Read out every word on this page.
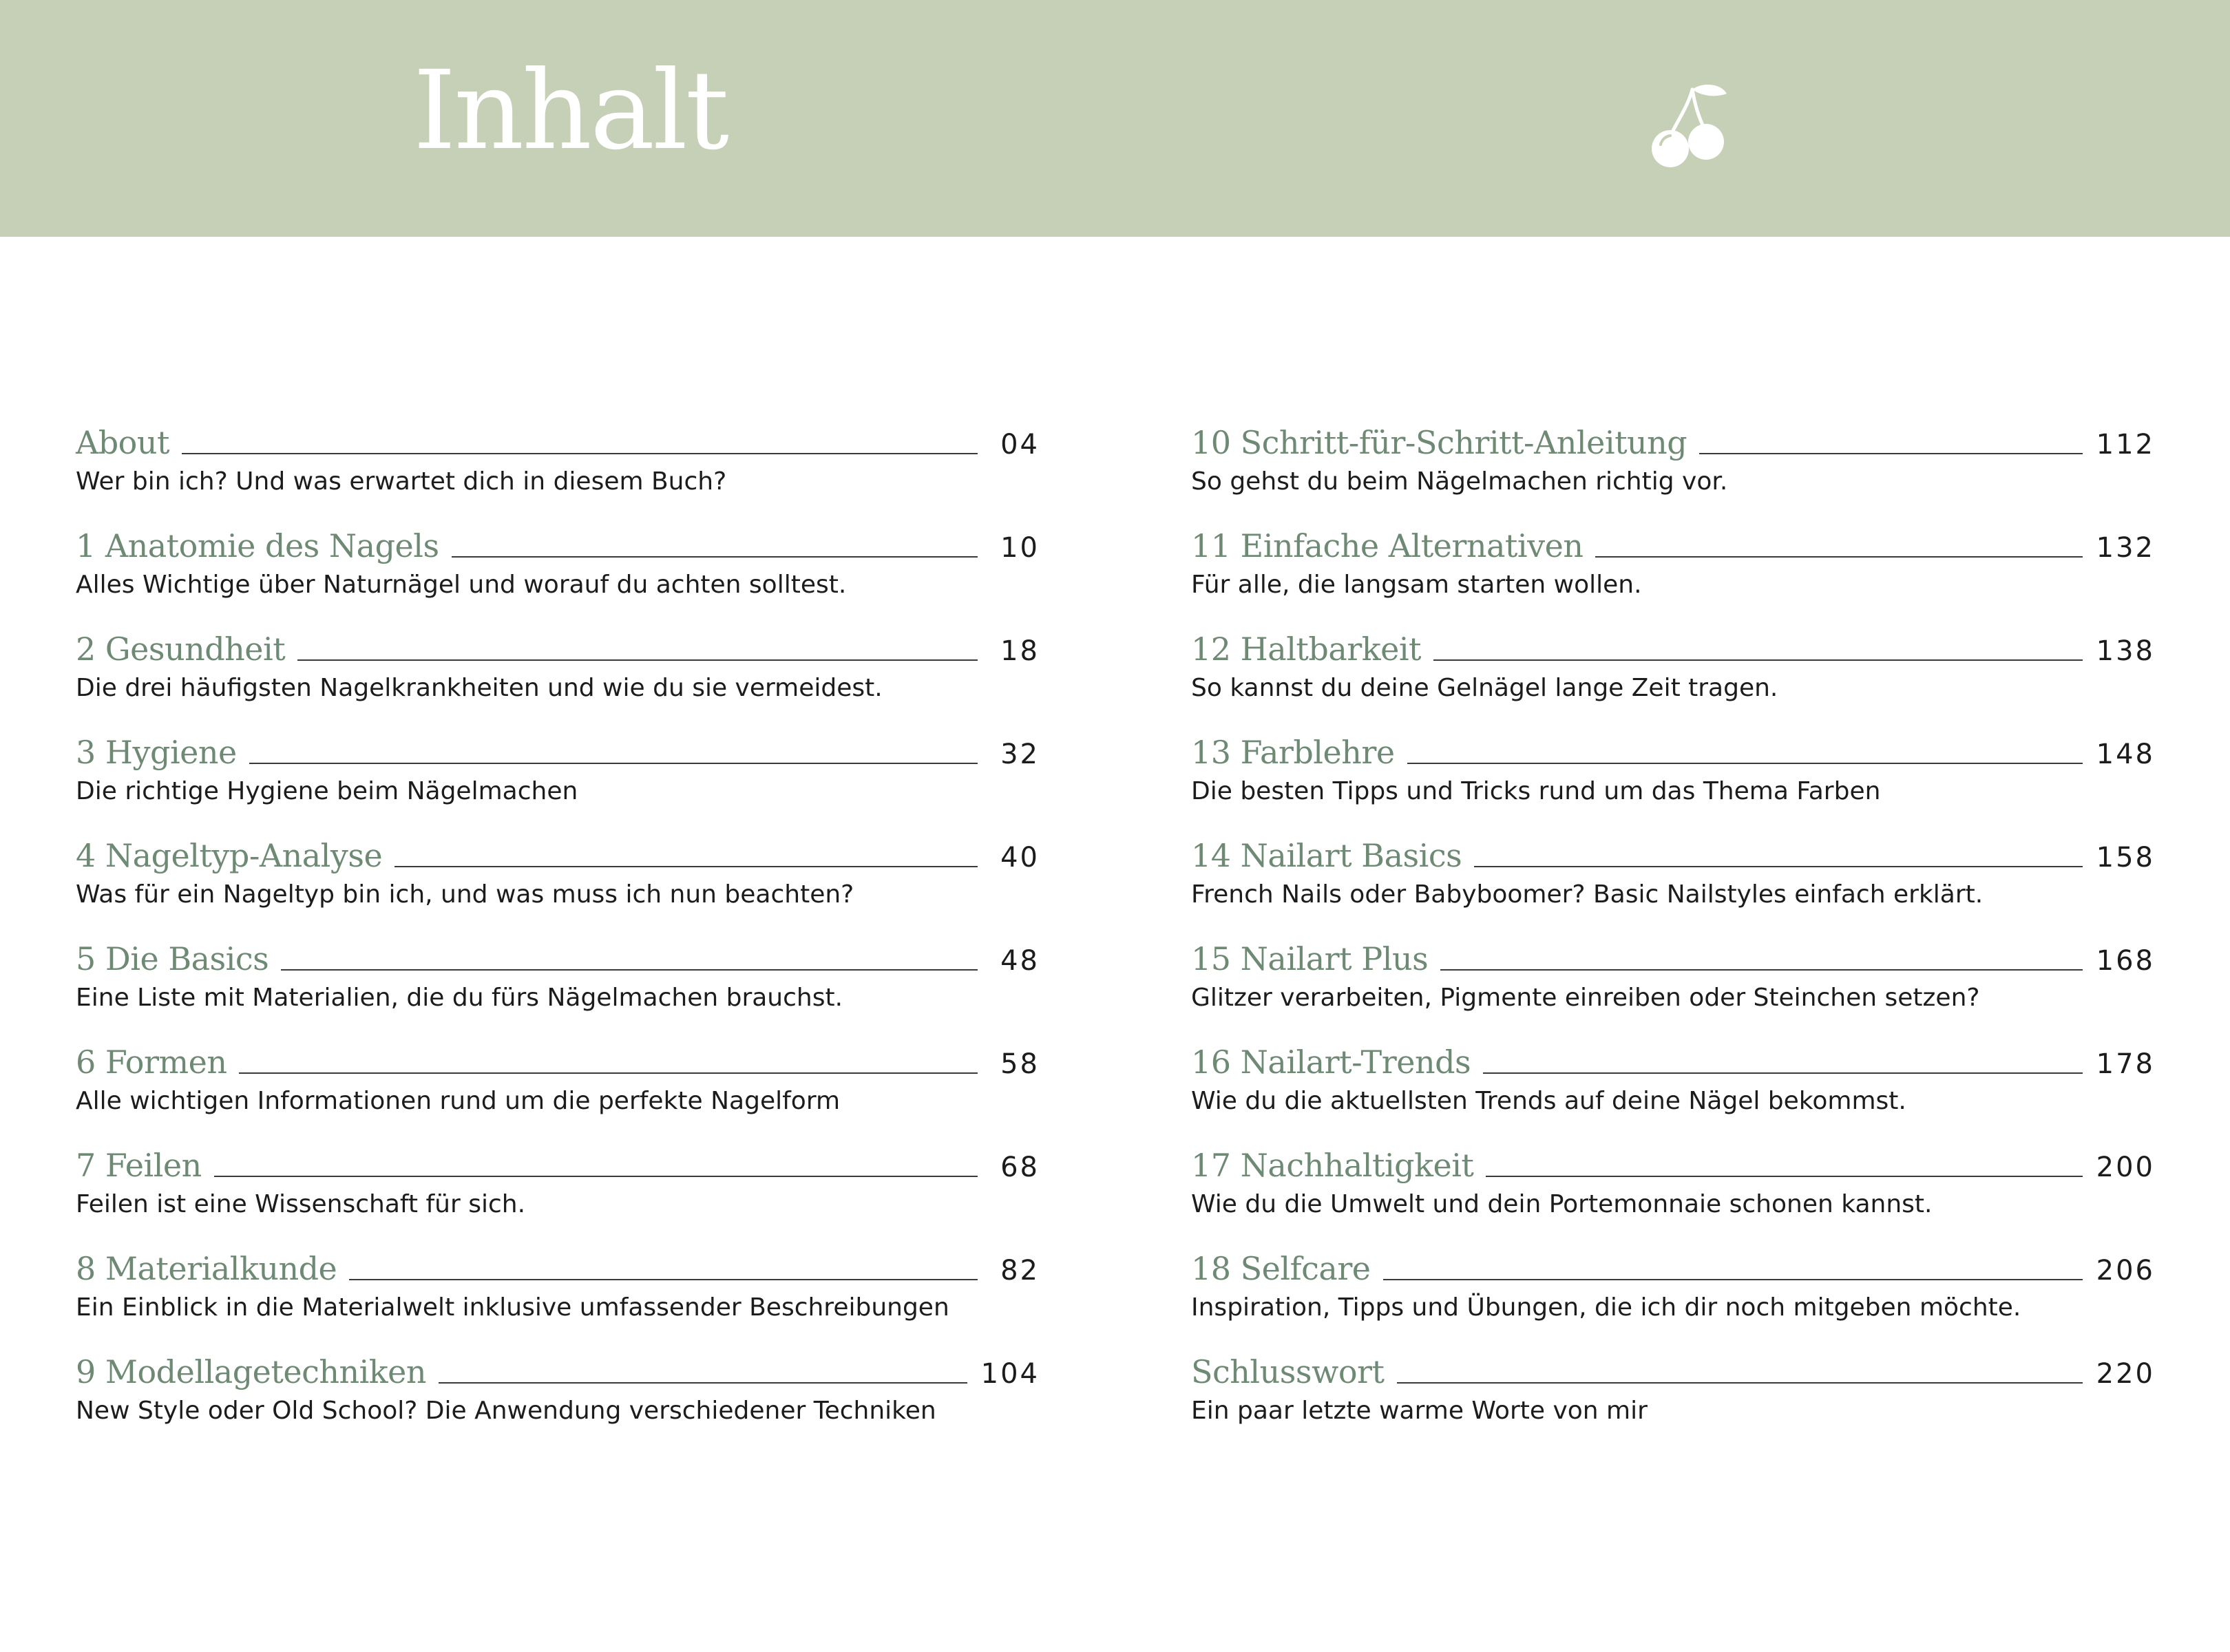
Inhalt
About	04
Wer bin ich? Und was erwartet dich in diesem Buch?
1 Anatomie des Nagels	10
Alles Wichtige über Naturnägel und worauf du achten solltest.
2 Gesundheit	18
Die drei häufigsten Nagelkrankheiten und wie du sie vermeidest.
3 Hygiene	32
Die richtige Hygiene beim Nägelmachen
4 Nageltyp-Analyse	40
Was für ein Nageltyp bin ich, und was muss ich nun beachten?
5 Die Basics	48
Eine Liste mit Materialien, die du fürs Nägelmachen brauchst.
6 Formen	58
Alle wichtigen Informationen rund um die perfekte Nagelform
7 Feilen	68
Feilen ist eine Wissenschaft für sich.
8 Materialkunde	82
Ein Einblick in die Materialwelt inklusive umfassender Beschreibungen
9 Modellagetechniken	104
New Style oder Old School? Die Anwendung verschiedener Techniken
10 Schritt-für-Schritt-Anleitung	112
So gehst du beim Nägelmachen richtig vor.
11 Einfache Alternativen	132
Für alle, die langsam starten wollen.
12 Haltbarkeit	138
So kannst du deine Gelnägel lange Zeit tragen.
13 Farblehre	148
Die besten Tipps und Tricks rund um das Thema Farben
14 Nailart Basics	158
French Nails oder Babyboomer? Basic Nailstyles einfach erklärt.
15 Nailart Plus	168
Glitzer verarbeiten, Pigmente einreiben oder Steinchen setzen?
16 Nailart-Trends	178
Wie du die aktuellsten Trends auf deine Nägel bekommst.
17 Nachhaltigkeit	200
Wie du die Umwelt und dein Portemonnaie schonen kannst.
18 Selfcare	206
Inspiration, Tipps und Übungen, die ich dir noch mitgeben möchte.
Schlusswort	220
Ein paar letzte warme Worte von mir
